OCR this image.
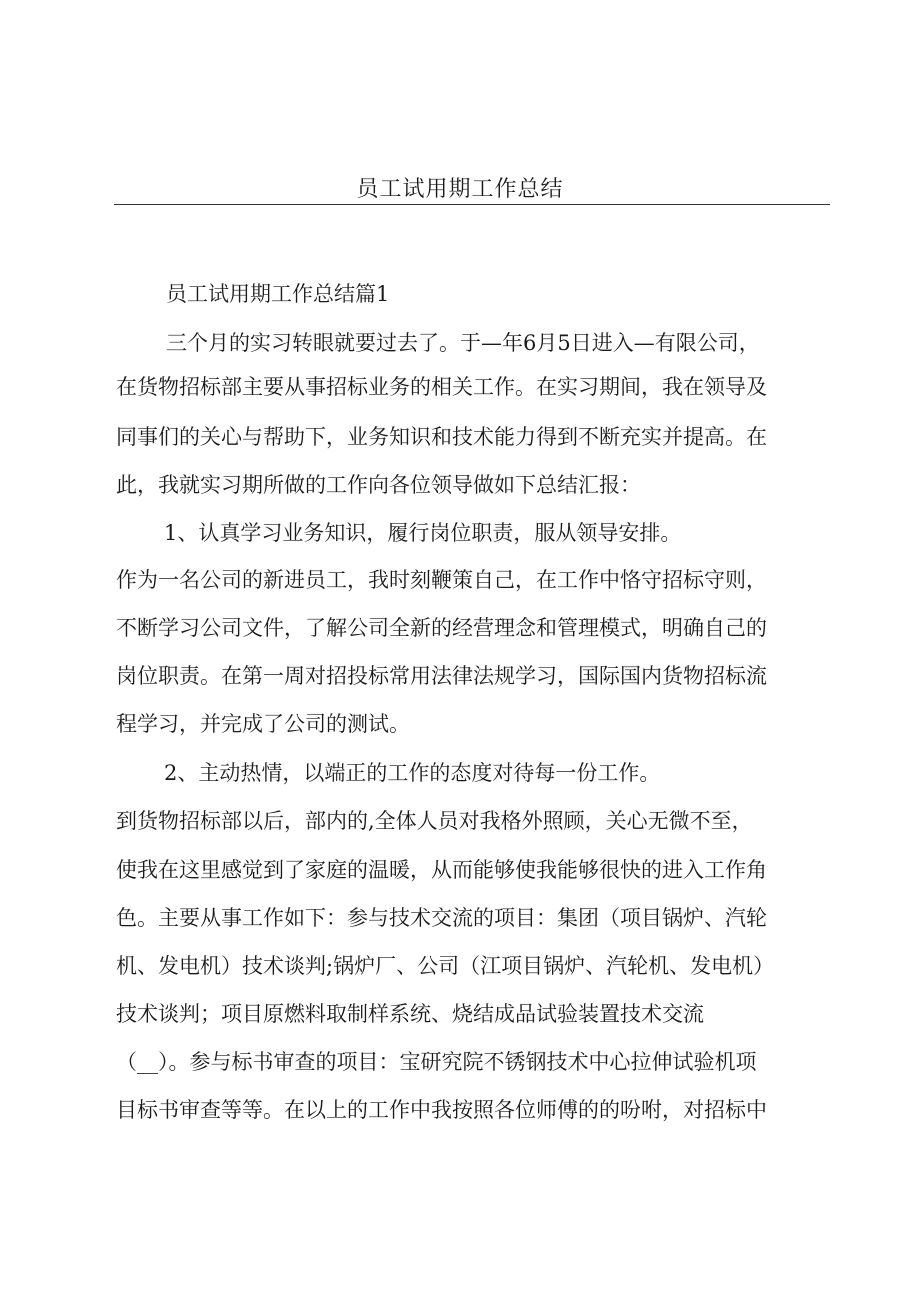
员工试用期工作总结
员工试用期工作总结篇1
三个月的实习转眼就要过去了。于—年6月5日进入—有限公司，
在货物招标部主要从事招标业务的相关工作。在实习期间，我在领导及
同事们的关心与帮助下，业务知识和技术能力得到不断充实并提高。在
此，我就实习期所做的工作向各位领导做如下总结汇报：
1、认真学习业务知识，履行岗位职责，服从领导安排。
作为一名公司的新进员工，我时刻鞭策自己，在工作中恪守招标守则，
不断学习公司文件，了解公司全新的经营理念和管理模式，明确自己的
岗位职责。在第一周对招投标常用法律法规学习，国际国内货物招标流
程学习，并完成了公司的测试。
2、主动热情，以端正的工作的态度对待每一份工作。
到货物招标部以后，部内的,全体人员对我格外照顾，关心无微不至，
使我在这里感觉到了家庭的温暖，从而能够使我能够很快的进入工作角
色。主要从事工作如下：参与技术交流的项目：集团（项目锅炉、汽轮
机、发电机）技术谈判;锅炉厂、公司（江项目锅炉、汽轮机、发电机）
技术谈判；项目原燃料取制样系统、烧结成品试验装置技术交流
（__）。参与标书审查的项目：宝研究院不锈钢技术中心拉伸试验机项
目标书审查等等。在以上的工作中我按照各位师傅的的吩咐，对招标中
